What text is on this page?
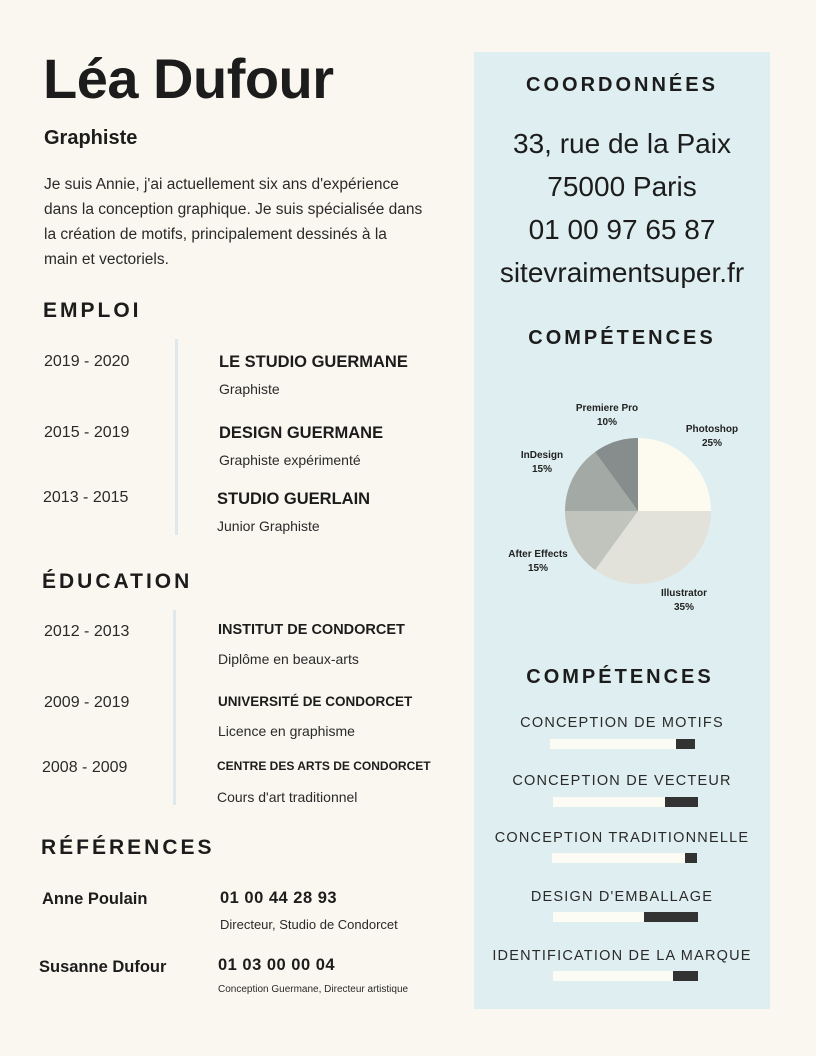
Léa Dufour
Graphiste
Je suis Annie, j'ai actuellement six ans d'expérience dans la conception graphique. Je suis spécialisée dans la création de motifs, principalement dessinés à la main et vectoriels.
EMPLOI
2019 - 2020	LE STUDIO GUERMANE
Graphiste
2015 - 2019	DESIGN GUERMANE
Graphiste expérimenté
2013 - 2015	STUDIO GUERLAIN
Junior Graphiste
ÉDUCATION
2012 - 2013	INSTITUT DE CONDORCET
Diplôme en beaux-arts
2009 - 2019	UNIVERSITÉ DE CONDORCET
Licence en graphisme
2008 - 2009	CENTRE DES ARTS DE CONDORCET
Cours d'art traditionnel
RÉFÉRENCES
Anne Poulain	01 00 44 28 93
Directeur, Studio de Condorcet
Susanne Dufour	01 03 00 00 04
Conception Guermane, Directeur artistique
COORDONNÉES
33, rue de la Paix
75000 Paris
01 00 97 65 87
sitevraimentsuper.fr
COMPÉTENCES
Premiere Pro
10%
Photoshop
25%
InDesign
15%
After Effects
15%
Illustrator
35%
COMPÉTENCES
CONCEPTION DE MOTIFS
CONCEPTION DE VECTEUR
CONCEPTION TRADITIONNELLE
DESIGN D'EMBALLAGE
IDENTIFICATION DE LA MARQUE
